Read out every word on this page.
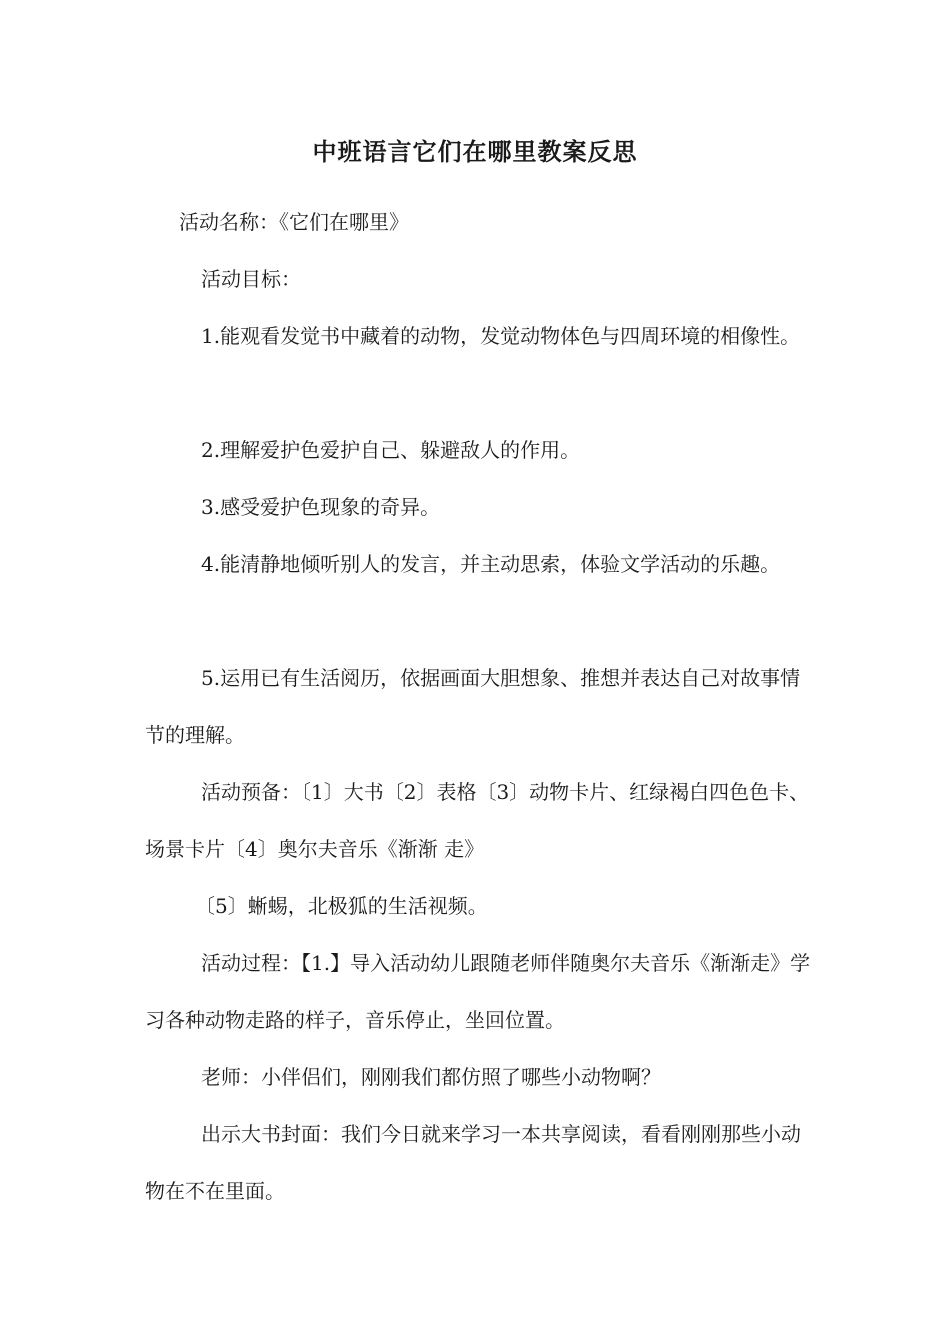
中班语言它们在哪里教案反思

活动名称：《它们在哪里》

活动目标：

1.能观看发觉书中藏着的动物，发觉动物体色与四周环境的相像性。

2.理解爱护色爱护自己、躲避敌人的作用。

3.感受爱护色现象的奇异。

4.能清静地倾听别人的发言，并主动思索，体验文学活动的乐趣。

5.运用已有生活阅历，依据画面大胆想象、推想并表达自己对故事情节的理解。

活动预备：〔1〕大书〔2〕表格〔3〕动物卡片、红绿褐白四色色卡、场景卡片〔4〕奥尔夫音乐《渐渐 走》

〔5〕蜥蜴，北极狐的生活视频。

活动过程：【1.】导入活动幼儿跟随老师伴随奥尔夫音乐《渐渐走》学习各种动物走路的样子，音乐停止，坐回位置。

老师：小伴侣们，刚刚我们都仿照了哪些小动物啊？

出示大书封面：我们今日就来学习一本共享阅读，看看刚刚那些小动物在不在里面。
